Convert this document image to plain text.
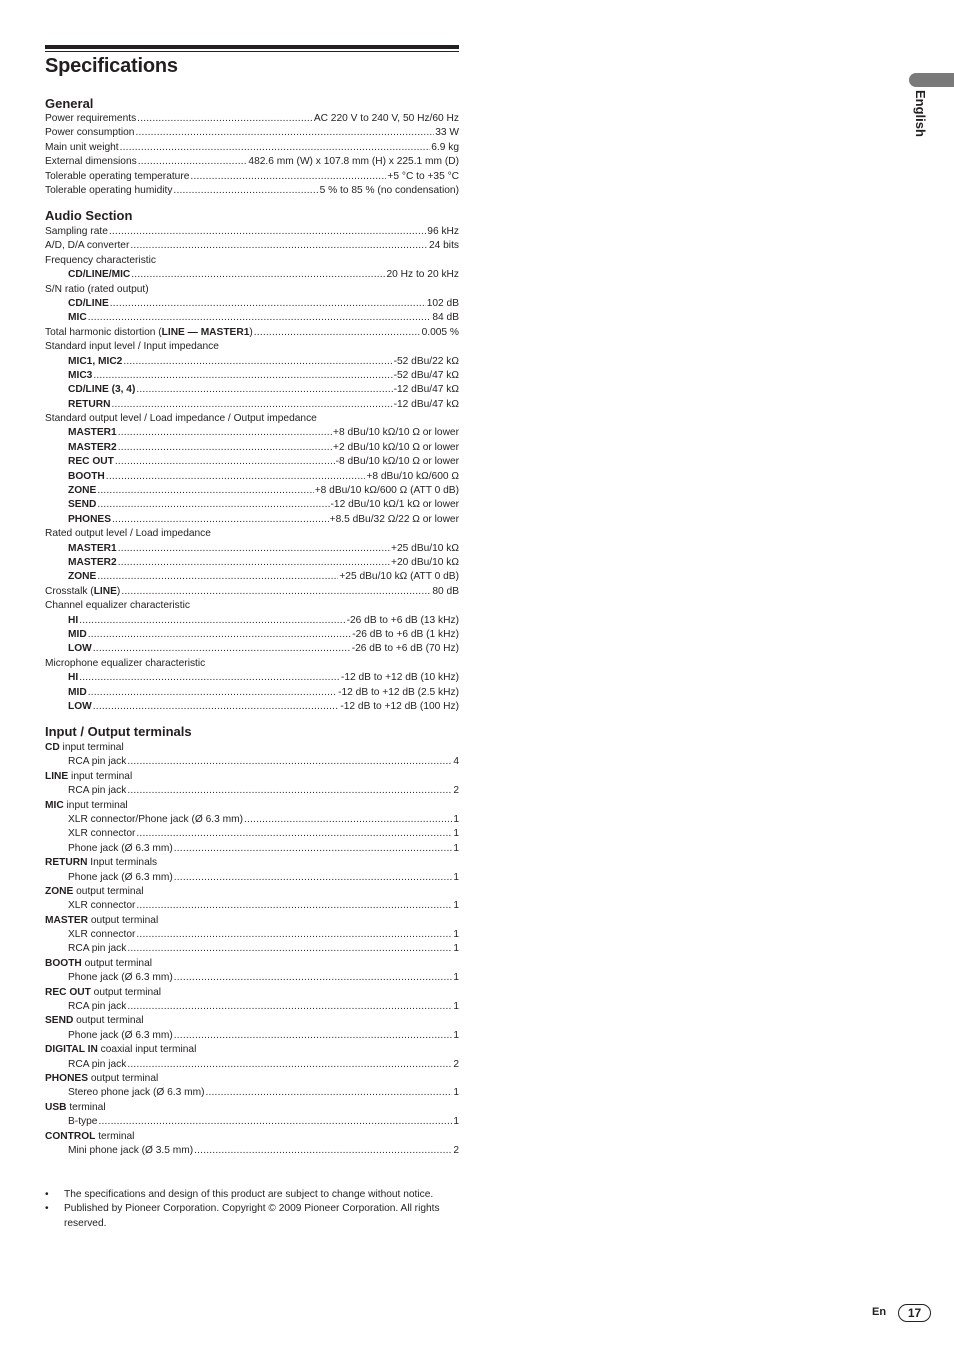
Specifications
General
Power requirements .....	AC 220 V to 240 V, 50 Hz/60 Hz
Power consumption .....	33 W
Main unit weight .....	6.9 kg
External dimensions .....	482.6 mm (W) x 107.8 mm (H) x 225.1 mm (D)
Tolerable operating temperature .....	+5 °C to +35 °C
Tolerable operating humidity .....	5 % to 85 % (no condensation)
Audio Section
Sampling rate .....	96 kHz
A/D, D/A converter .....	24 bits
Frequency characteristic
CD/LINE/MIC .....	20 Hz to 20 kHz
S/N ratio (rated output)
CD/LINE .....	102 dB
MIC .....	84 dB
Total harmonic distortion (LINE — MASTER1) .....	0.005 %
Standard input level / Input impedance
MIC1, MIC2 .....	-52 dBu/22 kΩ
MIC3 .....	-52 dBu/47 kΩ
CD/LINE (3, 4) .....	-12 dBu/47 kΩ
RETURN .....	-12 dBu/47 kΩ
Standard output level / Load impedance / Output impedance
MASTER1 .....	+8 dBu/10 kΩ/10 Ω or lower
MASTER2 .....	+2 dBu/10 kΩ/10 Ω or lower
REC OUT .....	-8 dBu/10 kΩ/10 Ω or lower
BOOTH .....	+8 dBu/10 kΩ/600 Ω
ZONE .....	+8 dBu/10 kΩ/600 Ω (ATT 0 dB)
SEND .....	-12 dBu/10 kΩ/1 kΩ or lower
PHONES .....	+8.5 dBu/32 Ω/22 Ω or lower
Rated output level / Load impedance
MASTER1 .....	+25 dBu/10 kΩ
MASTER2 .....	+20 dBu/10 kΩ
ZONE .....	+25 dBu/10 kΩ (ATT 0 dB)
Crosstalk (LINE) .....	80 dB
Channel equalizer characteristic
HI .....	-26 dB to +6 dB (13 kHz)
MID .....	-26 dB to +6 dB (1 kHz)
LOW .....	-26 dB to +6 dB (70 Hz)
Microphone equalizer characteristic
HI .....	-12 dB to +12 dB (10 kHz)
MID .....	-12 dB to +12 dB (2.5 kHz)
LOW .....	-12 dB to +12 dB (100 Hz)
Input / Output terminals
CD input terminal
RCA pin jack .....	4
LINE input terminal
RCA pin jack .....	2
MIC input terminal
XLR connector/Phone jack (Ø 6.3 mm) .....	1
XLR connector .....	1
Phone jack (Ø 6.3 mm) .....	1
RETURN Input terminals
Phone jack (Ø 6.3 mm) .....	1
ZONE output terminal
XLR connector .....	1
MASTER output terminal
XLR connector .....	1
RCA pin jack .....	1
BOOTH output terminal
Phone jack (Ø 6.3 mm) .....	1
REC OUT output terminal
RCA pin jack .....	1
SEND output terminal
Phone jack (Ø 6.3 mm) .....	1
DIGITAL IN coaxial input terminal
RCA pin jack .....	2
PHONES output terminal
Stereo phone jack (Ø 6.3 mm) .....	1
USB terminal
B-type .....	1
CONTROL terminal
Mini phone jack (Ø 3.5 mm) .....	2
• The specifications and design of this product are subject to change without notice.
• Published by Pioneer Corporation. Copyright © 2009 Pioneer Corporation. All rights reserved.
English
En	17
